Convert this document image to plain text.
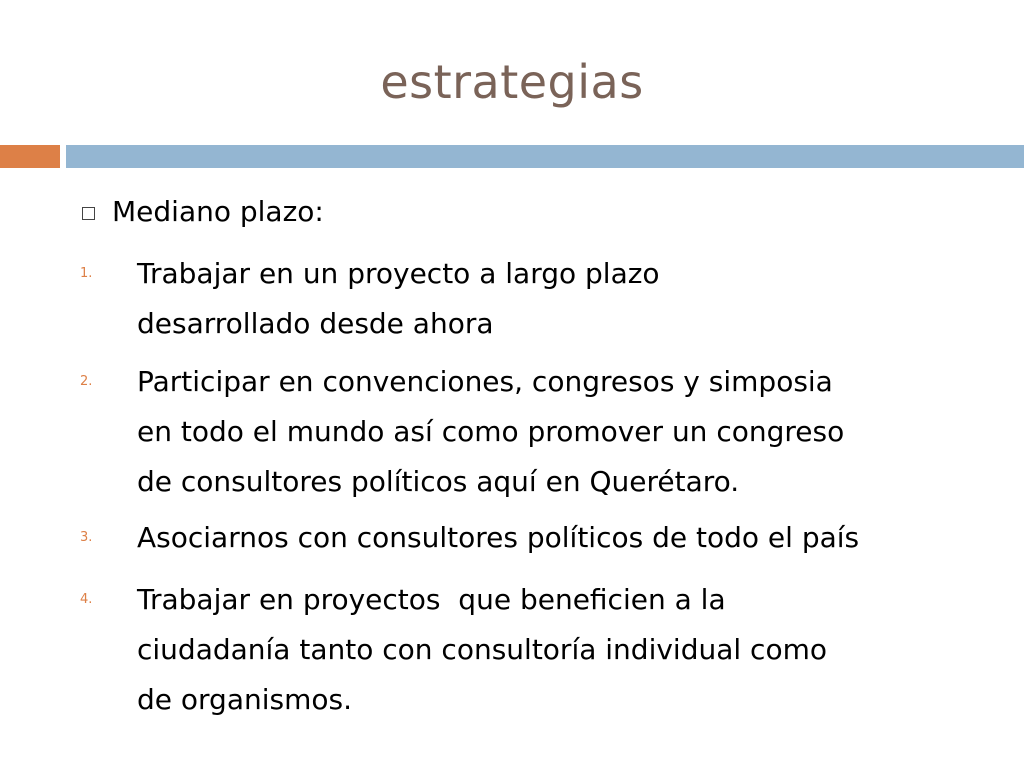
estrategias
Mediano plazo:
1. Trabajar en un proyecto a largo plazo
desarrollado desde ahora
2. Participar en convenciones, congresos y simposia
en todo el mundo así como promover un congreso
de consultores políticos aquí en Querétaro.
3. Asociarnos con consultores políticos de todo el país
4. Trabajar en proyectos  que beneficien a la
ciudadanía tanto con consultoría individual como
de organismos.
